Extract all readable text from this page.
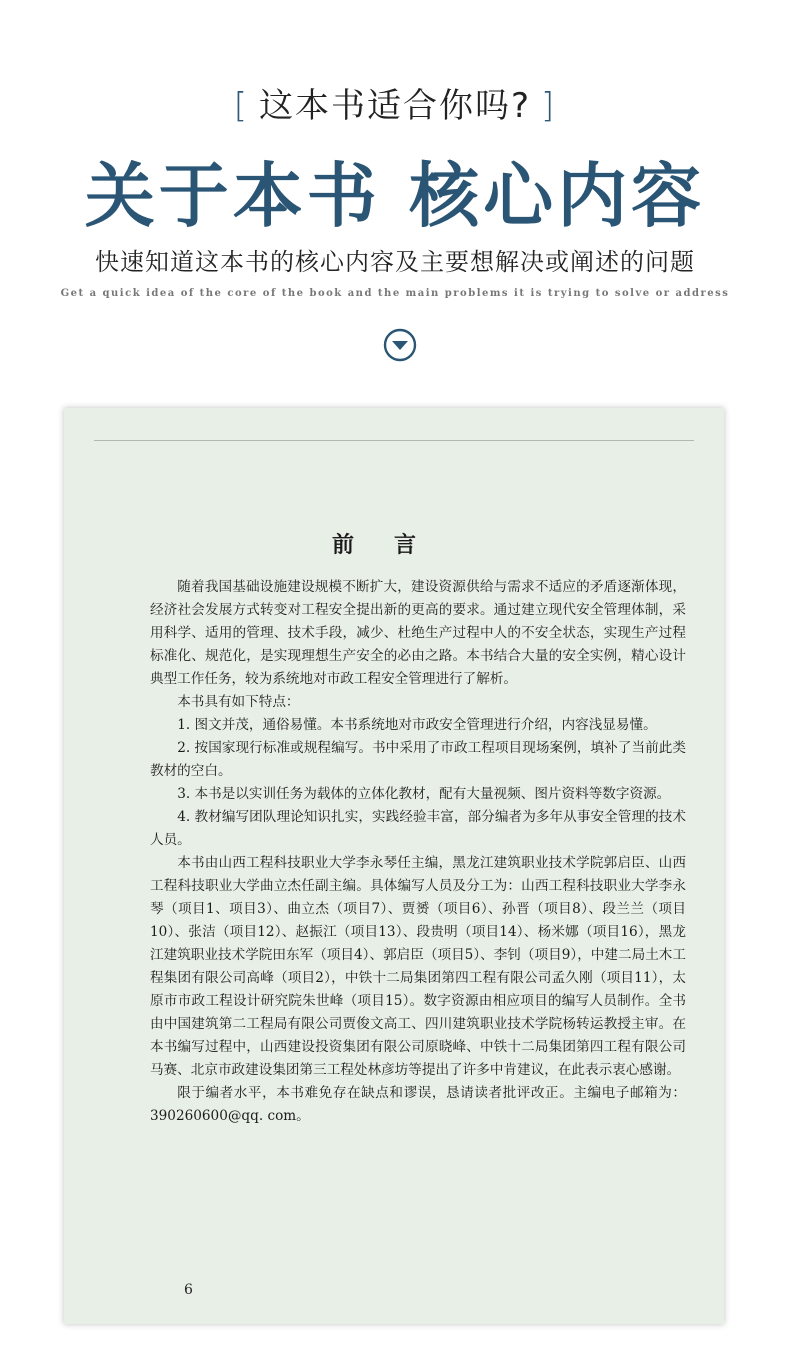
[ 这本书适合你吗? ]
关于本书 核心内容
快速知道这本书的核心内容及主要想解决或阐述的问题
Get a quick idea of the core of the book and the main problems it is trying to solve or address
前言

随着我国基础设施建设规模不断扩大，建设资源供给与需求不适应的矛盾逐渐体现，经济社会发展方式转变对工程安全提出新的更高的要求。通过建立现代安全管理体制，采用科学、适用的管理、技术手段，减少、杜绝生产过程中人的不安全状态，实现生产过程标准化、规范化，是实现理想生产安全的必由之路。本书结合大量的安全实例，精心设计典型工作任务，较为系统地对市政工程安全管理进行了解析。

本书具有如下特点：

1. 图文并茂，通俗易懂。本书系统地对市政安全管理进行介绍，内容浅显易懂。

2. 按国家现行标准或规程编写。书中采用了市政工程项目现场案例，填补了当前此类教材的空白。

3. 本书是以实训任务为载体的立体化教材，配有大量视频、图片资料等数字资源。

4. 教材编写团队理论知识扎实，实践经验丰富，部分编者为多年从事安全管理的技术人员。

本书由山西工程科技职业大学李永琴任主编，黑龙江建筑职业技术学院郭启臣、山西工程科技职业大学曲立杰任副主编。具体编写人员及分工为：山西工程科技职业大学李永琴（项目1、项目3）、曲立杰（项目7）、贾赟（项目6）、孙晋（项目8）、段兰兰（项目10）、张洁（项目12）、赵振江（项目13）、段贵明（项目14）、杨米娜（项目16），黑龙江建筑职业技术学院田东军（项目4）、郭启臣（项目5）、李钊（项目9），中建二局土木工程集团有限公司高峰（项目2），中铁十二局集团第四工程有限公司孟久刚（项目11），太原市市政工程设计研究院朱世峰（项目15）。数字资源由相应项目的编写人员制作。全书由中国建筑第二工程局有限公司贾俊文高工、四川建筑职业技术学院杨转运教授主审。在本书编写过程中，山西建设投资集团有限公司原晓峰、中铁十二局集团第四工程有限公司马赛、北京市政建设集团第三工程处林彦坊等提出了许多中肯建议，在此表示衷心感谢。

限于编者水平，本书难免存在缺点和谬误，恳请读者批评改正。主编电子邮箱为：390260600@qq. com。

6
